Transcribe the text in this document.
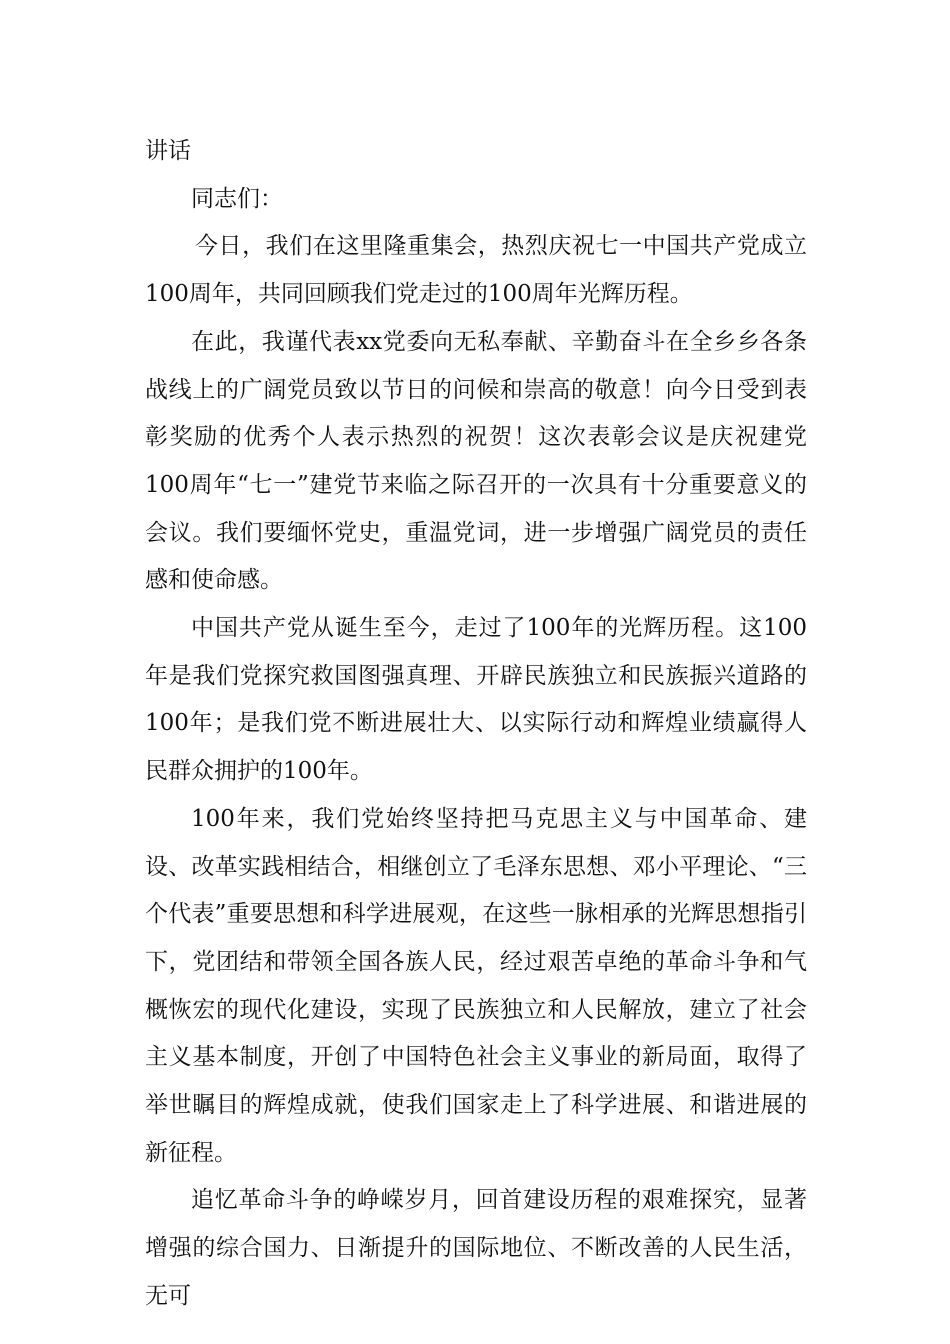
讲话

同志们：

今日，我们在这里隆重集会，热烈庆祝七一中国共产党成立100周年，共同回顾我们党走过的100周年光辉历程。

在此，我谨代表xx党委向无私奉献、辛勤奋斗在全乡乡各条战线上的广阔党员致以节日的问候和崇高的敬意！向今日受到表彰奖励的优秀个人表示热烈的祝贺！这次表彰会议是庆祝建党100周年“七一”建党节来临之际召开的一次具有十分重要意义的会议。我们要缅怀党史，重温党词，进一步增强广阔党员的责任感和使命感。

中国共产党从诞生至今，走过了100年的光辉历程。这100年是我们党探究救国图强真理、开辟民族独立和民族振兴道路的100年；是我们党不断进展壮大、以实际行动和辉煌业绩赢得人民群众拥护的100年。

100年来，我们党始终坚持把马克思主义与中国革命、建设、改革实践相结合，相继创立了毛泽东思想、邓小平理论、“三个代表”重要思想和科学进展观，在这些一脉相承的光辉思想指引下，党团结和带领全国各族人民，经过艰苦卓绝的革命斗争和气概恢宏的现代化建设，实现了民族独立和人民解放，建立了社会主义基本制度，开创了中国特色社会主义事业的新局面，取得了举世瞩目的辉煌成就，使我们国家走上了科学进展、和谐进展的新征程。

追忆革命斗争的峥嵘岁月，回首建设历程的艰难探究，显著增强的综合国力、日渐提升的国际地位、不断改善的人民生活，无可
